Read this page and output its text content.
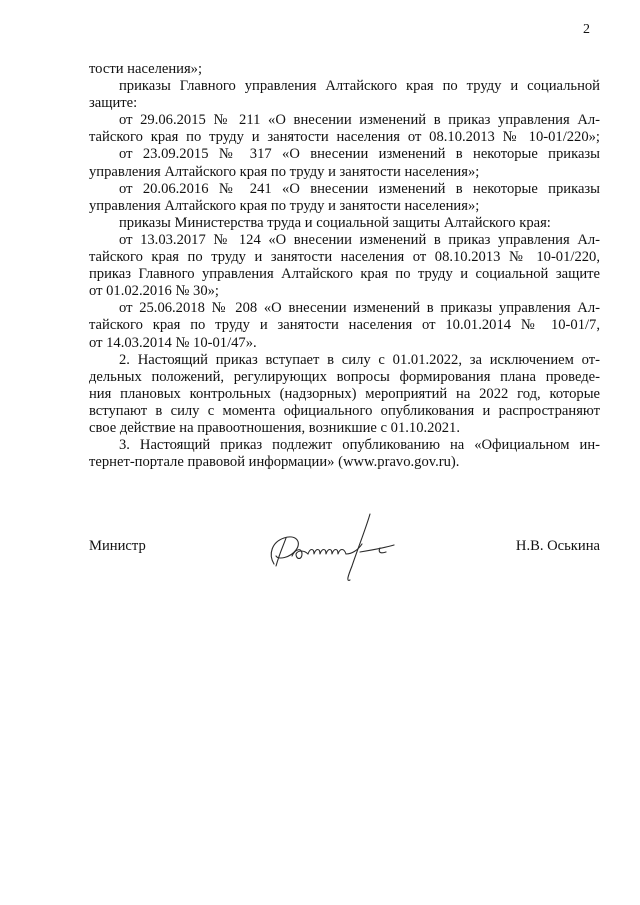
2
тости населения»;
приказы Главного управления Алтайского края по труду и социальной
защите:
от 29.06.2015 № 211 «О внесении изменений в приказ управления Ал-
тайского края по труду и занятости населения от 08.10.2013 № 10-01/220»;
от 23.09.2015 № 317 «О внесении изменений в некоторые приказы
управления Алтайского края по труду и занятости населения»;
от 20.06.2016 № 241 «О внесении изменений в некоторые приказы
управления Алтайского края по труду и занятости населения»;
приказы Министерства труда и социальной защиты Алтайского края:
от 13.03.2017 № 124 «О внесении изменений в приказ управления Ал-
тайского края по труду и занятости населения от 08.10.2013 № 10-01/220,
приказ Главного управления Алтайского края по труду и социальной защите
от 01.02.2016 № 30»;
от 25.06.2018 № 208 «О внесении изменений в приказы управления Ал-
тайского края по труду и занятости населения от 10.01.2014 № 10-01/7,
от 14.03.2014 № 10-01/47».
2. Настоящий приказ вступает в силу с 01.01.2022, за исключением от-
дельных положений, регулирующих вопросы формирования плана проведе-
ния плановых контрольных (надзорных) мероприятий на 2022 год, которые
вступают в силу с момента официального опубликования и распространяют
свое действие на правоотношения, возникшие с 01.10.2021.
3. Настоящий приказ подлежит опубликованию на «Официальном ин-
тернет-портале правовой информации» (www.pravo.gov.ru).
Министр	Н.В. Оськина
